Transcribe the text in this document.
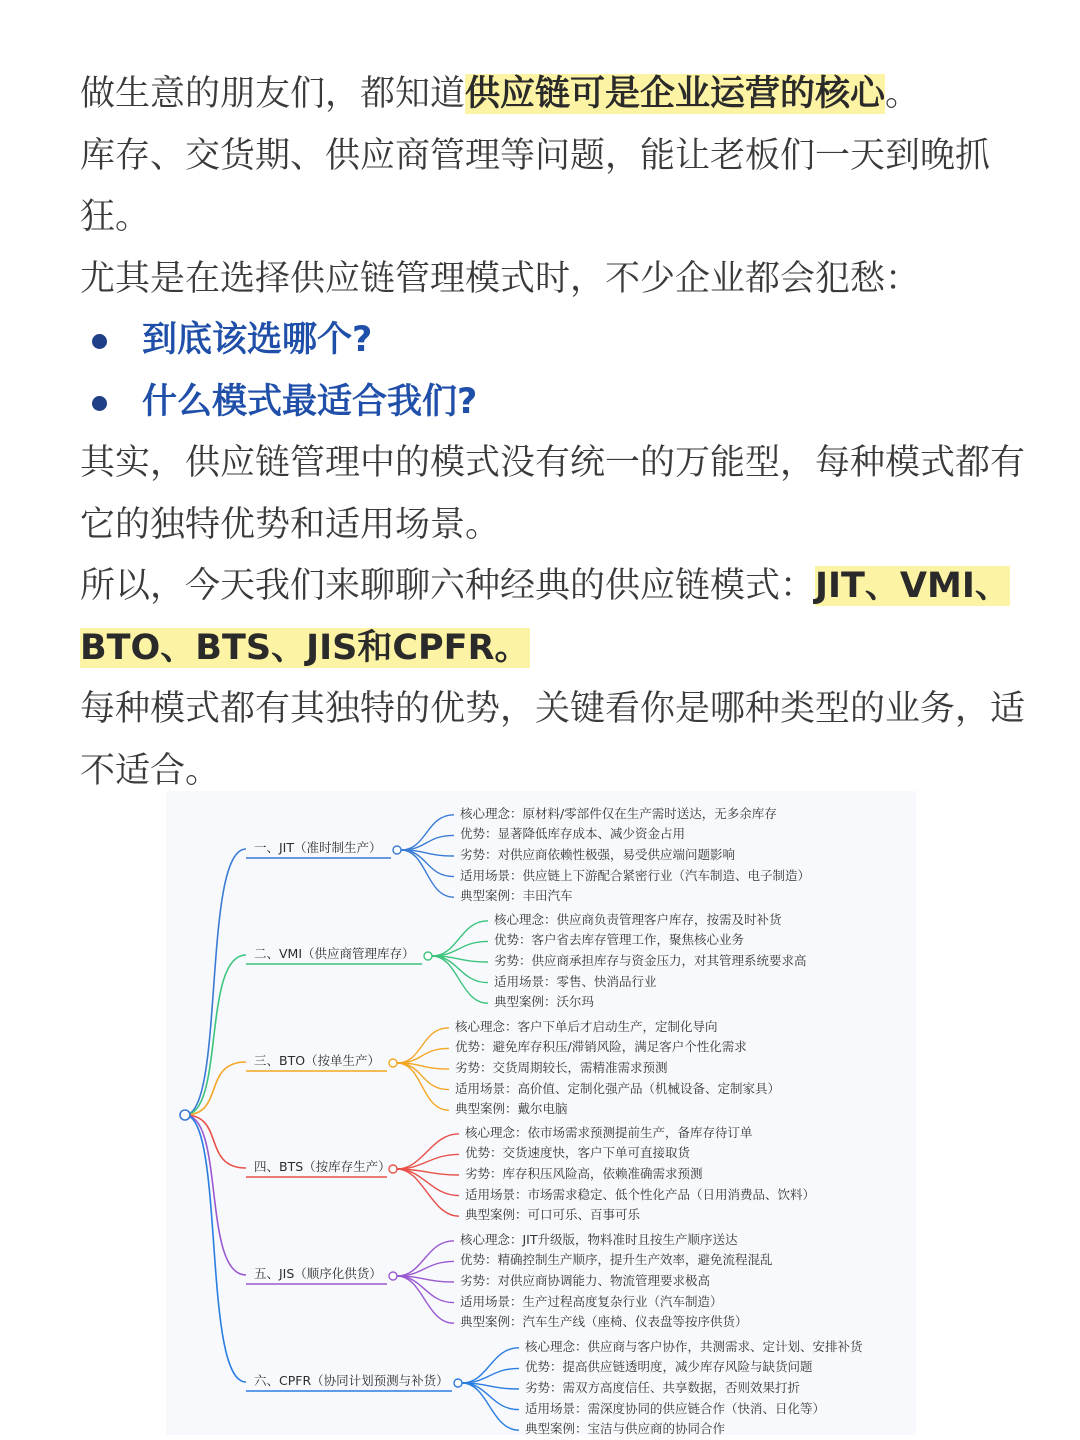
做生意的朋友们，都知道供应链可是企业运营的核心。

库存、交货期、供应商管理等问题，能让老板们一天到晚抓狂。

尤其是在选择供应链管理模式时，不少企业都会犯愁：

到底该选哪个?
什么模式最适合我们?

其实，供应链管理中的模式没有统一的万能型，每种模式都有它的独特优势和适用场景。

所以，今天我们来聊聊六种经典的供应链模式：JIT、VMI、BTO、BTS、JIS和CPFR。

每种模式都有其独特的优势，关键看你是哪种类型的业务，适不适合。

一、JIT（准时制生产）
核心理念：原材料/零部件仅在生产需时送达，无多余库存
优势：显著降低库存成本、减少资金占用
劣势：对供应商依赖性极强，易受供应端问题影响
适用场景：供应链上下游配合紧密行业（汽车制造、电子制造）
典型案例：丰田汽车
二、VMI（供应商管理库存）
核心理念：供应商负责管理客户库存，按需及时补货
优势：客户省去库存管理工作，聚焦核心业务
劣势：供应商承担库存与资金压力，对其管理系统要求高
适用场景：零售、快消品行业
典型案例：沃尔玛
三、BTO（按单生产）
核心理念：客户下单后才启动生产，定制化导向
优势：避免库存积压/滞销风险，满足客户个性化需求
劣势：交货周期较长，需精准需求预测
适用场景：高价值、定制化强产品（机械设备、定制家具）
典型案例：戴尔电脑
四、BTS（按库存生产）
核心理念：依市场需求预测提前生产，备库存待订单
优势：交货速度快，客户下单可直接取货
劣势：库存积压风险高，依赖准确需求预测
适用场景：市场需求稳定、低个性化产品（日用消费品、饮料）
典型案例：可口可乐、百事可乐
五、JIS（顺序化供货）
核心理念：JIT升级版，物料准时且按生产顺序送达
优势：精确控制生产顺序，提升生产效率，避免流程混乱
劣势：对供应商协调能力、物流管理要求极高
适用场景：生产过程高度复杂行业（汽车制造）
典型案例：汽车生产线（座椅、仪表盘等按序供货）
六、CPFR（协同计划预测与补货）
核心理念：供应商与客户协作，共测需求、定计划、安排补货
优势：提高供应链透明度，减少库存风险与缺货问题
劣势：需双方高度信任、共享数据，否则效果打折
适用场景：需深度协同的供应链合作（快消、日化等）
典型案例：宝洁与供应商的协同合作
